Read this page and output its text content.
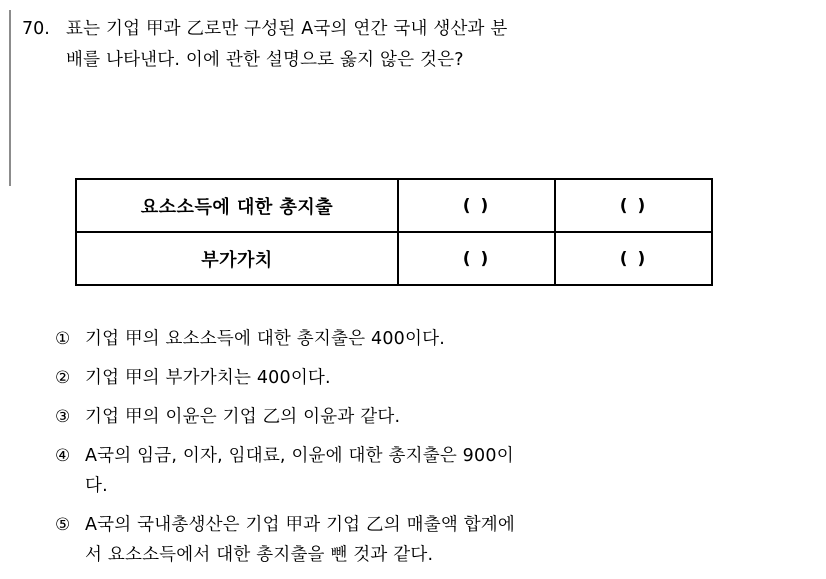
70. 표는 기업 甲과 乙로만 구성된 A국의 연간 국내 생산과 분
배를 나타낸다. 이에 관한 설명으로 옳지 않은 것은?
요소소득에 대한 총지출	( )	( )
부가가치	( )	( )
① 기업 甲의 요소소득에 대한 총지출은 400이다.
② 기업 甲의 부가가치는 400이다.
③ 기업 甲의 이윤은 기업 乙의 이윤과 같다.
④ A국의 임금, 이자, 임대료, 이윤에 대한 총지출은 900이
다.
⑤ A국의 국내총생산은 기업 甲과 기업 乙의 매출액 합계에
서 요소소득에서 대한 총지출을 뺀 것과 같다.
